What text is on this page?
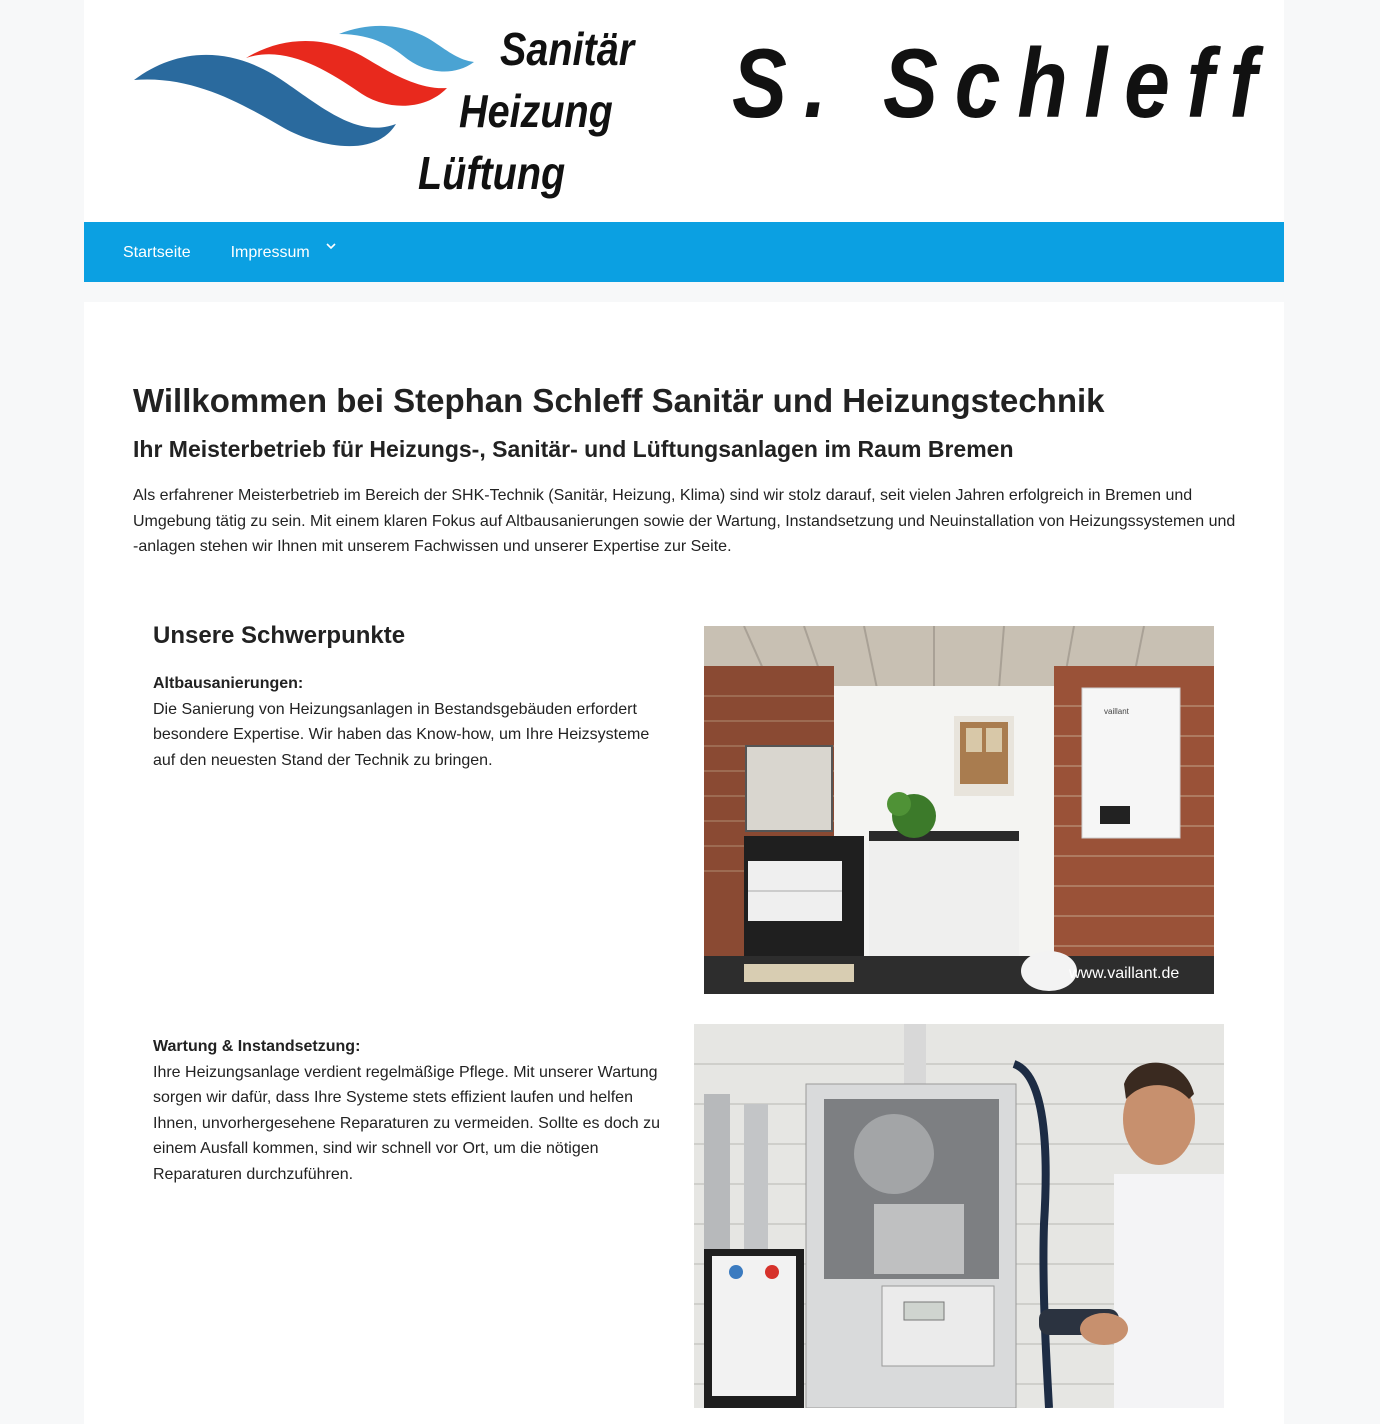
Sanitär
Heizung
Lüftung
S. Schleff
Startseite	Impressum
Willkommen bei Stephan Schleff Sanitär und Heizungstechnik
Ihr Meisterbetrieb für Heizungs-, Sanitär- und Lüftungsanlagen im Raum Bremen

Als erfahrener Meisterbetrieb im Bereich der SHK-Technik (Sanitär, Heizung, Klima) sind wir stolz darauf, seit vielen Jahren erfolgreich in Bremen und Umgebung tätig zu sein. Mit einem klaren Fokus auf Altbausanierungen sowie der Wartung, Instandsetzung und Neuinstallation von Heizungssystemen und -anlagen stehen wir Ihnen mit unserem Fachwissen und unserer Expertise zur Seite.

Unsere Schwerpunkte
Altbausanierungen:
Die Sanierung von Heizungsanlagen in Bestandsgebäuden erfordert besondere Expertise. Wir haben das Know-how, um Ihre Heizsysteme auf den neuesten Stand der Technik zu bringen.
vaillant
www.vaillant.de
Wartung & Instandsetzung:
Ihre Heizungsanlage verdient regelmäßige Pflege. Mit unserer Wartung sorgen wir dafür, dass Ihre Systeme stets effizient laufen und helfen Ihnen, unvorhergesehene Reparaturen zu vermeiden. Sollte es doch zu einem Ausfall kommen, sind wir schnell vor Ort, um die nötigen Reparaturen durchzuführen.
